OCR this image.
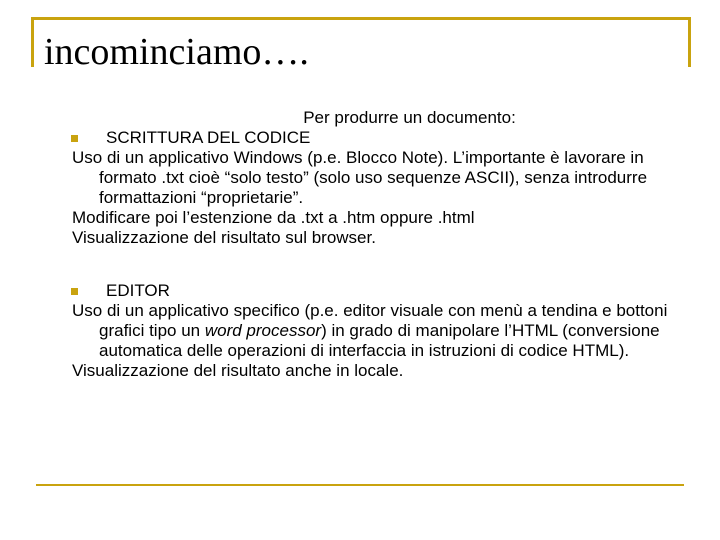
incominciamo….

Per produrre un documento:

SCRITTURA DEL CODICE

Uso di un applicativo Windows (p.e. Blocco Note). L’importante è lavorare in formato .txt cioè “solo testo” (solo uso sequenze ASCII), senza introdurre formattazioni “proprietarie”.

Modificare poi l’estenzione da .txt a .htm oppure .html

Visualizzazione del risultato sul browser.

EDITOR

Uso di un applicativo specifico (p.e. editor visuale con menù a tendina e bottoni grafici tipo un word processor) in grado di manipolare l’HTML (conversione automatica delle operazioni di interfaccia in istruzioni di codice HTML).

Visualizzazione del risultato anche in locale.
